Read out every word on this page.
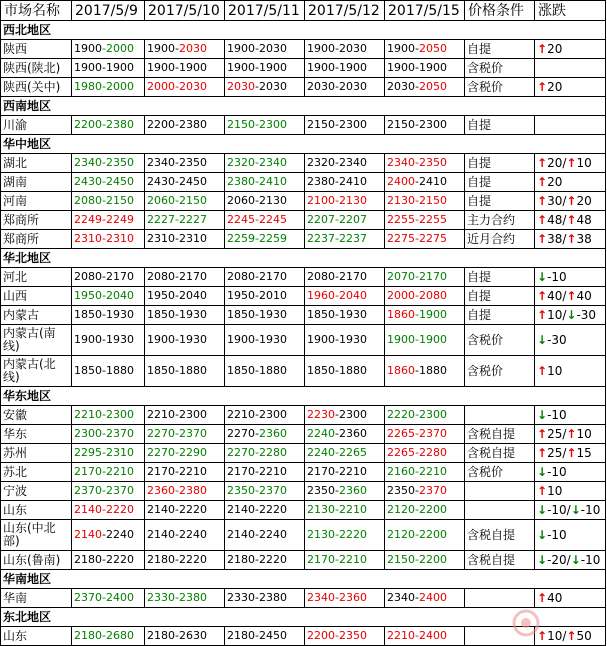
市场名称	2017/5/9	2017/5/10	2017/5/11	2017/5/12	2017/5/15	价格条件	涨跌
西北地区							
陕西	1900-2000	1900-2030	1900-2030	1900-2030	1900-2050	自提	↑20
陕西(陕北)	1900-1900	1900-1900	1900-1900	1900-1900	1900-1900	含税价	
陕西(关中)	1980-2000	2000-2030	2030-2030	2030-2030	2030-2050	含税价	↑20
西南地区							
川渝	2200-2380	2200-2380	2150-2300	2150-2300	2150-2300	自提	
华中地区							
湖北	2340-2350	2340-2350	2320-2340	2320-2340	2340-2350	自提	↑20/↑10
湖南	2430-2450	2430-2450	2380-2410	2380-2410	2400-2410	自提	↑20
河南	2080-2150	2060-2150	2060-2130	2100-2130	2130-2150	自提	↑30/↑20
郑商所	2249-2249	2227-2227	2245-2245	2207-2207	2255-2255	主力合约	↑48/↑48
郑商所	2310-2310	2310-2310	2259-2259	2237-2237	2275-2275	近月合约	↑38/↑38
华北地区							
河北	2080-2170	2080-2170	2080-2170	2080-2170	2070-2170	自提	↓-10
山西	1950-2040	1950-2040	1950-2010	1960-2040	2000-2080	自提	↑40/↑40
内蒙古	1850-1930	1850-1930	1850-1930	1850-1930	1860-1900	自提	↑10/↓-30
内蒙古(南线)	1900-1930	1900-1930	1900-1930	1900-1930	1900-1900	含税价	↓-30
内蒙古(北线)	1850-1880	1850-1880	1850-1880	1850-1880	1860-1880	含税价	↑10
华东地区							
安徽	2210-2300	2210-2300	2210-2300	2230-2300	2220-2300		↓-10
华东	2300-2370	2270-2370	2270-2360	2240-2360	2265-2370	含税自提	↑25/↑10
苏州	2295-2310	2270-2290	2270-2280	2240-2265	2265-2280	含税自提	↑25/↑15
苏北	2170-2210	2170-2210	2170-2210	2170-2210	2160-2210	含税价	↓-10
宁波	2370-2370	2360-2380	2350-2370	2350-2360	2350-2370		↑10
山东	2140-2220	2140-2220	2140-2220	2130-2210	2120-2200		↓-10/↓-10
山东(中北部)	2140-2240	2140-2240	2140-2240	2130-2220	2120-2200	含税自提	↓-10
山东(鲁南)	2180-2220	2180-2220	2180-2220	2170-2210	2150-2200	含税自提	↓-20/↓-10
华南地区							
华南	2370-2400	2330-2380	2330-2380	2340-2360	2340-2400		↑40
东北地区							
山东	2180-2680	2180-2630	2180-2450	2200-2350	2210-2400		↑10/↑50
